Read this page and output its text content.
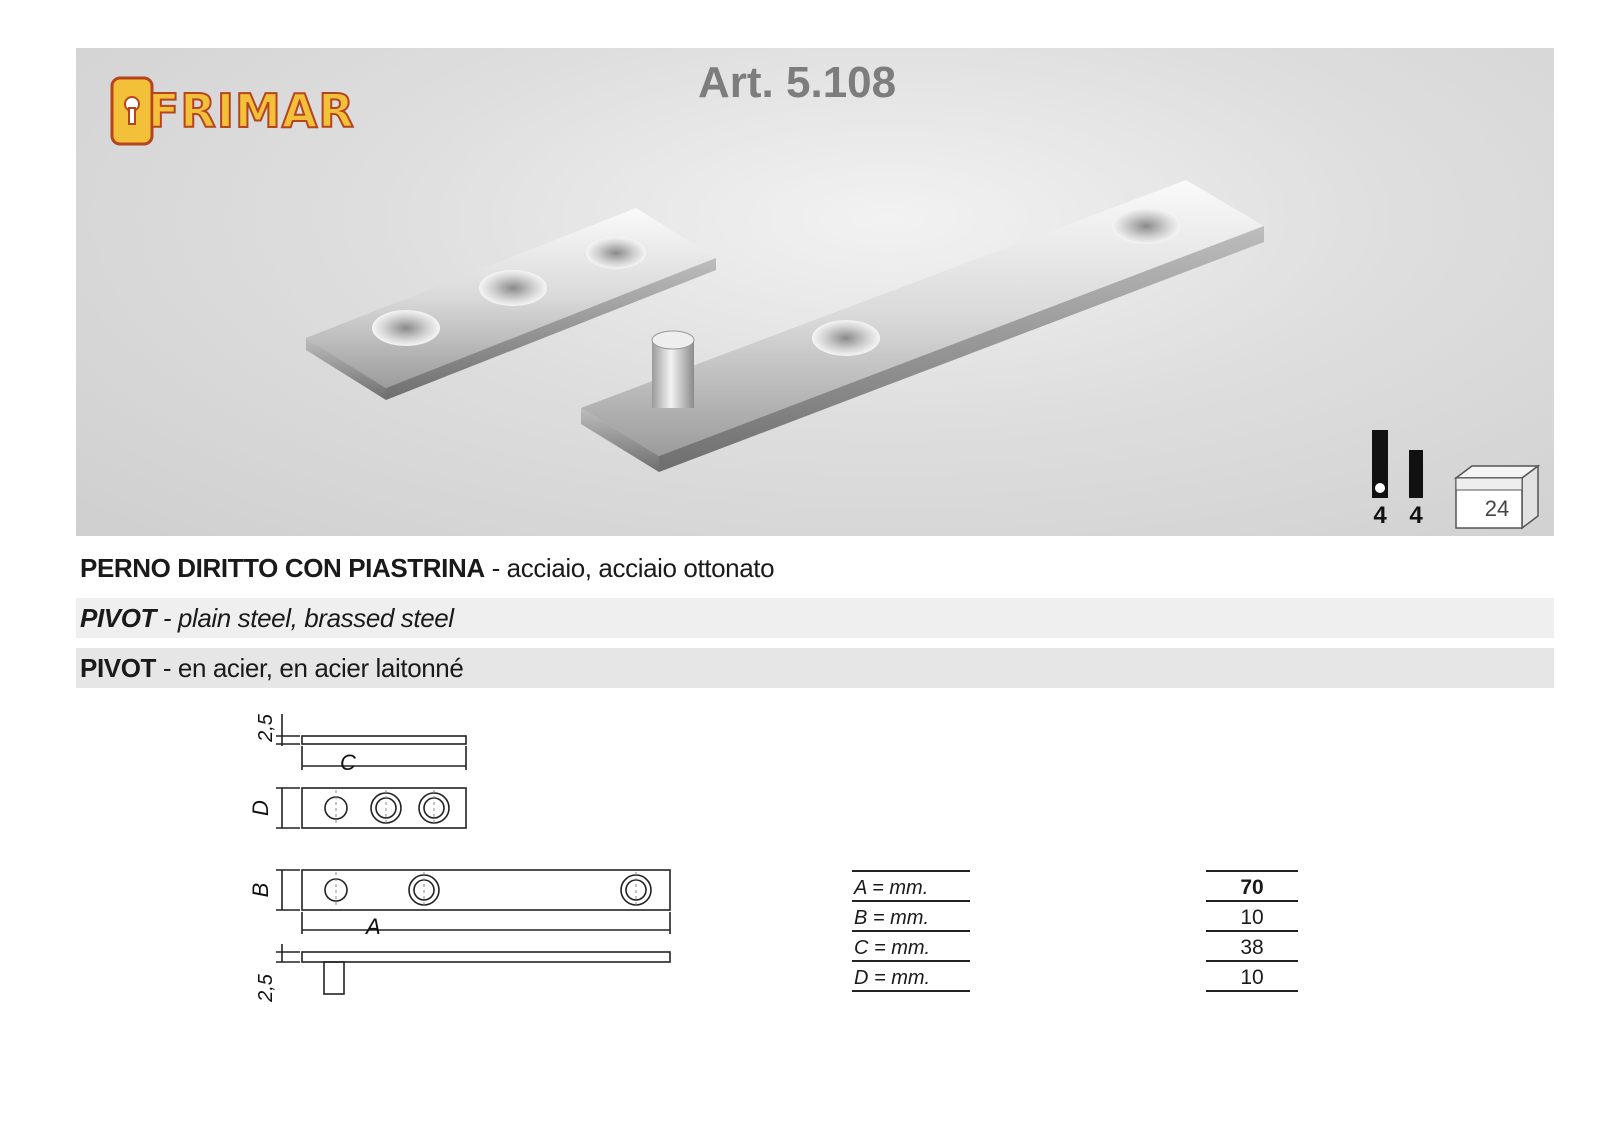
FRIMAR
Art. 5.108
4 4	24
PERNO DIRITTO CON PIASTRINA - acciaio, acciaio ottonato
PIVOT - plain steel, brassed steel
PIVOT - en acier, en acier laitonné
2,5
C
D
B
A
2,5
A = mm.
B = mm.
C = mm.
D = mm.
70
10
38
10
